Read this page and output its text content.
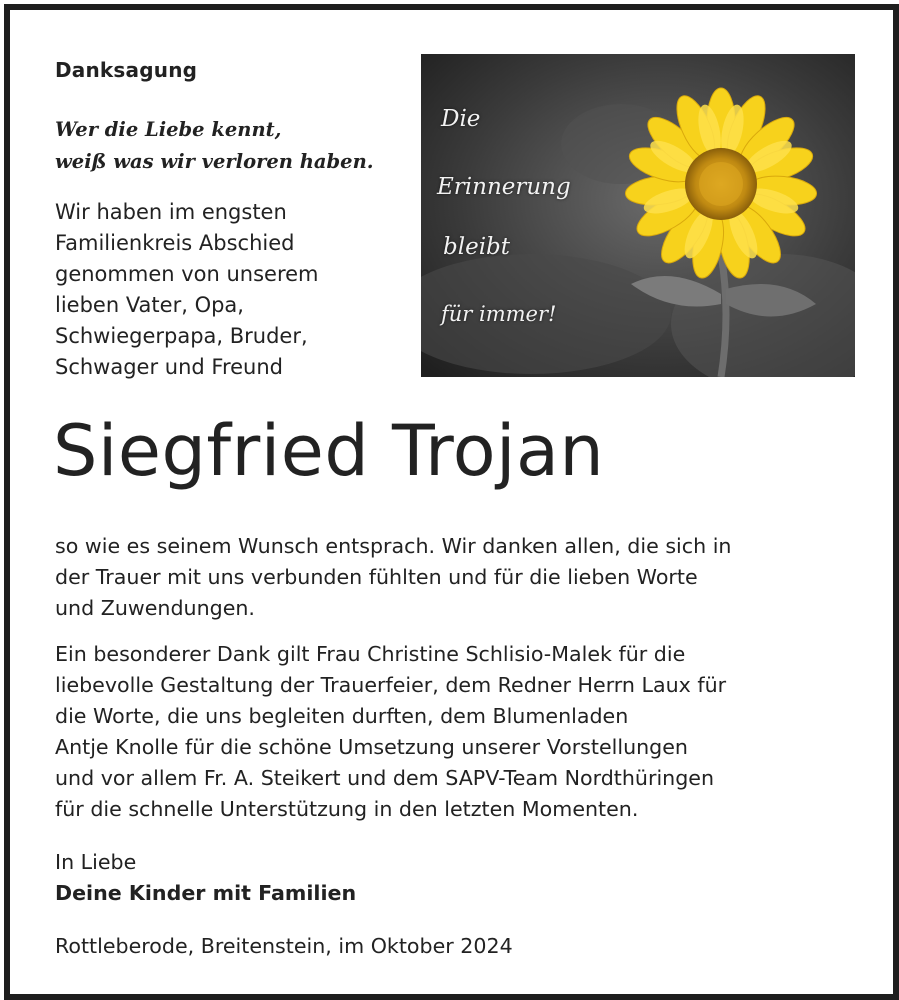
Danksagung
Wer die Liebe kennt,
weiß was wir verloren haben.
Wir haben im engsten
Familienkreis Abschied
genommen von unserem
lieben Vater, Opa,
Schwiegerpapa, Bruder,
Schwager und Freund
Die
Erinnerung
bleibt
für immer!
Siegfried Trojan
so wie es seinem Wunsch entsprach. Wir danken allen, die sich in
der Trauer mit uns verbunden fühlten und für die lieben Worte
und Zuwendungen.
Ein besonderer Dank gilt Frau Christine Schlisio-Malek für die
liebevolle Gestaltung der Trauerfeier, dem Redner Herrn Laux für
die Worte, die uns begleiten durften, dem Blumenladen
Antje Knolle für die schöne Umsetzung unserer Vorstellungen
und vor allem Fr. A. Steikert und dem SAPV-Team Nordthüringen
für die schnelle Unterstützung in den letzten Momenten.
In Liebe
Deine Kinder mit Familien
Rottleberode, Breitenstein, im Oktober 2024
